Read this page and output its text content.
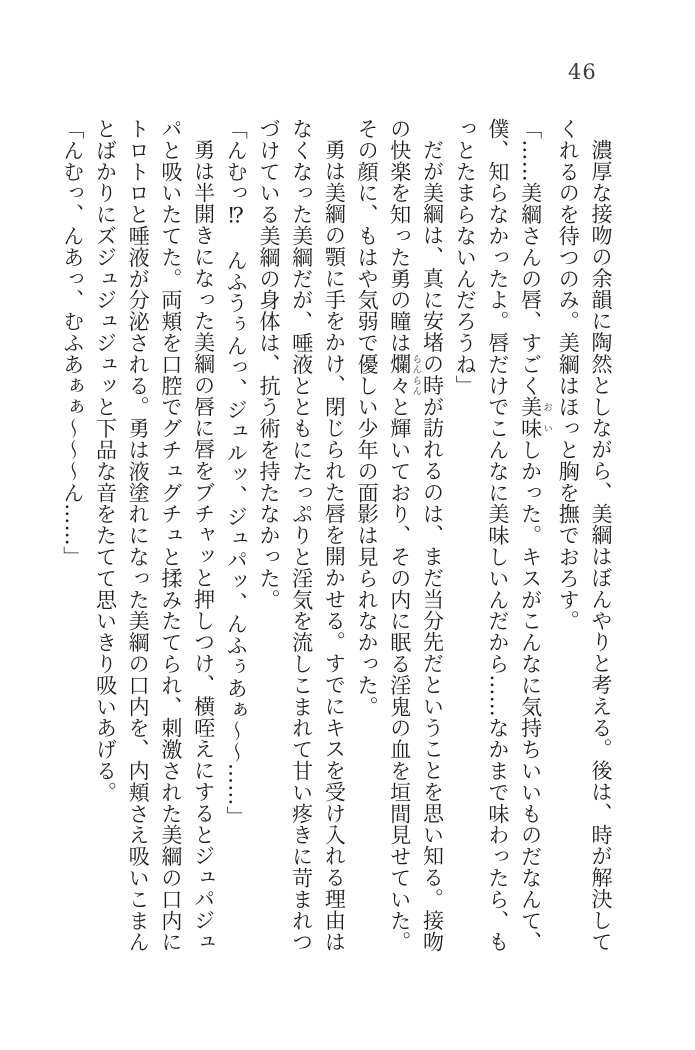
46

濃厚な接吻の余韻に陶然としながら、美綱はぼんやりと考える。後は、時が解決してくれるのを待つのみ。美綱はほっと胸を撫でおろす。

「……美綱さんの唇、すごく美味おいしかった。キスがこんなに気持ちいいものだなんて、僕、知らなかったよ。唇だけでこんなに美味しいんだから……なかまで味わったら、もっとたまらないんだろうね」

だが美綱は、真に安堵の時が訪れるのは、まだ当分先だということを思い知る。接吻の快楽を知った勇の瞳は爛々らんらんと輝いており、その内に眠る淫鬼の血を垣間見せていた。その顔に、もはや気弱で優しい少年の面影は見られなかった。

勇は美綱の顎に手をかけ、閉じられた唇を開かせる。すでにキスを受け入れる理由はなくなった美綱だが、唾液とともにたっぷりと淫気を流しこまれて甘い疼きに苛まれつづけている美綱の身体は、抗う術を持たなかった。

「んむっ⁉　んふうぅんっ、ジュルッ、ジュパッ、んふぅあぁ～～……」

勇は半開きになった美綱の唇に唇をブチャッと押しつけ、横咥えにするとジュパジュパと吸いたてた。両頬を口腔でグチュグチュと揉みたてられ、刺激された美綱の口内にトロトロと唾液が分泌される。勇は液塗れになった美綱の口内を、内頬さえ吸いこまんとばかりにズジュジュジュッと下品な音をたてて思いきり吸いあげる。

「んむっ、んあっ、むふあぁぁ～～～ん……」
